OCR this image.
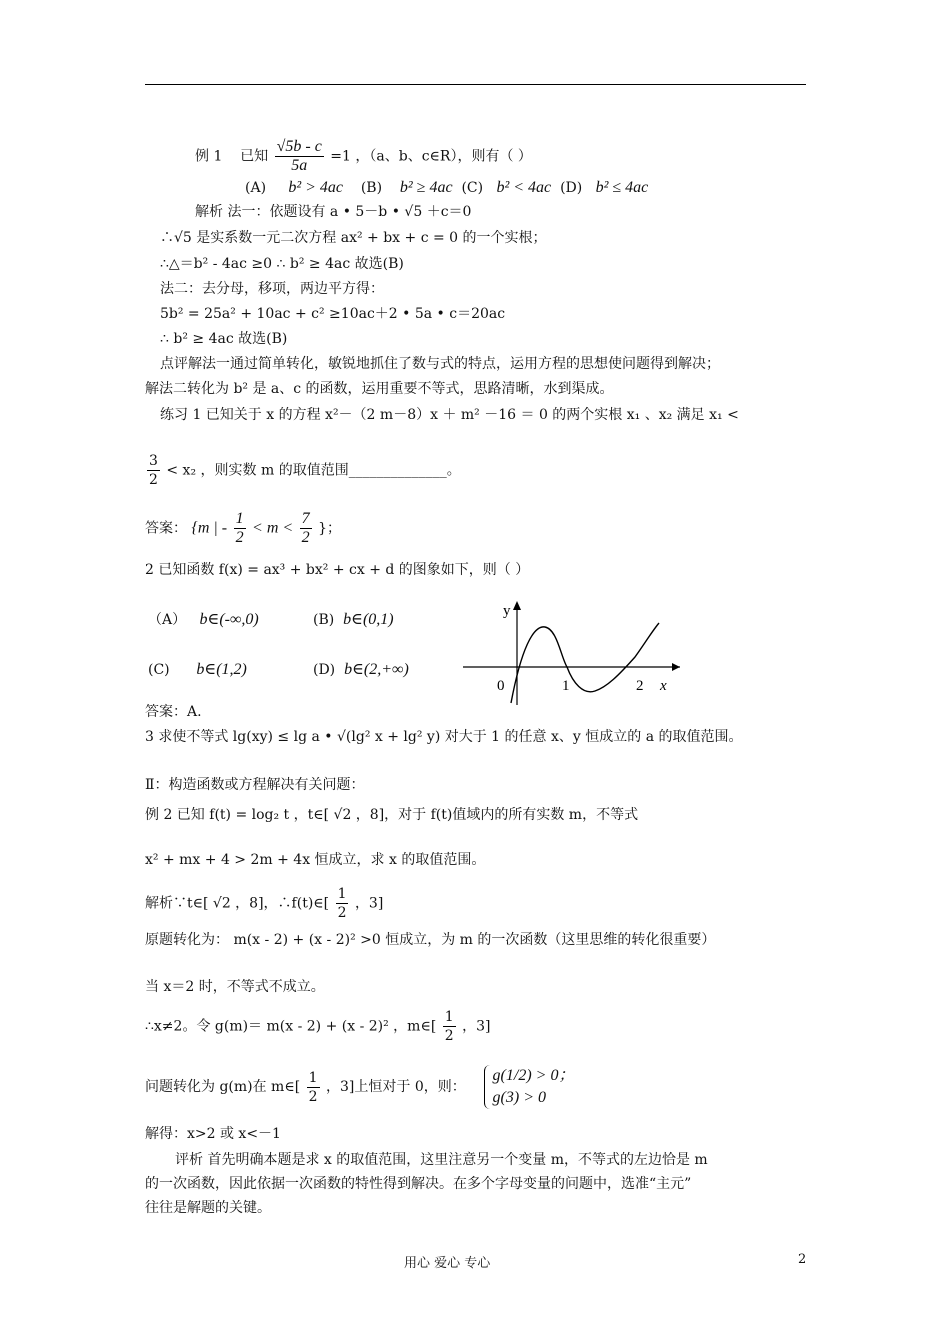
例 1 已知 $\frac{√5b - c}{5a} =1$ ，（a、b、c∈R），则有（ ）
(A) b² > 4ac (B) b² ≥ 4ac (C) b² < 4ac (D) b² ≤ 4ac
解析 法一：依题设有 a • 5－b • √5 ＋c＝0
∴√5 是实系数一元二次方程 ax² + bx + c = 0 的一个实根；
∴△＝b² - 4ac ≥0 ∴ b² ≥ 4ac 故选(B)
法二：去分母，移项，两边平方得：
5b² = 25a² + 10ac + c² ≥10ac＋2 • 5a • c＝20ac
∴ b² ≥ 4ac 故选(B)
点评解法一通过简单转化，敏锐地抓住了数与式的特点，运用方程的思想使问题得到解决；
解法二转化为 b² 是 a、c 的函数，运用重要不等式，思路清晰，水到渠成。
练习 1 已知关于 x 的方程 x²－（2 m－8）x ＋ m² －16 ＝ 0 的两个实根 x₁ 、x₂ 满足 x₁ <
$\frac{3}{2} < x_2$ ，则实数 m 的取值范围______________。
答案： {m | - $\frac{1}{2} < m < \frac{7}{2}$ }；
2 已知函数 f(x) = ax³ + bx² + cx + d 的图象如下，则（ ）
（A） b∈(-∞,0)	(B) b∈(0,1)
(C) b∈(1,2)	(D) b∈(2,+∞)
y
0	1	2 x
答案：A.
3 求使不等式 lg(xy) ≤ lg a • √(lg² x + lg² y) 对大于 1 的任意 x、y 恒成立的 a 的取值范围。
Ⅱ：构造函数或方程解决有关问题：
例 2 已知 f(t) = log₂ t ，t∈[ √2 ，8]，对于 f(t)值域内的所有实数 m，不等式
x² + mx + 4 > 2m + 4x 恒成立，求 x 的取值范围。
解析∵t∈[ √2 ，8]，∴f(t)∈[ $\frac{1}{2}$ ，3]
原题转化为： m(x - 2) + (x - 2)² >0 恒成立，为 m 的一次函数（这里思维的转化很重要）
当 x＝2 时，不等式不成立。
∴x≠2。令 g(m)＝ m(x - 2) + (x - 2)² ，m∈[ $\frac{1}{2}$ ，3]
问题转化为 g(m)在 m∈[ $\frac{1}{2}$ ，3]上恒对于 0，则：    g(1/2) > 0；
g(3) > 0
解得：x>2 或 x<－1
评析 首先明确本题是求 x 的取值范围，这里注意另一个变量 m，不等式的左边恰是 m
的一次函数，因此依据一次函数的特性得到解决。在多个字母变量的问题中，选准“主元”
往往是解题的关键。
用心 爱心 专心	2
